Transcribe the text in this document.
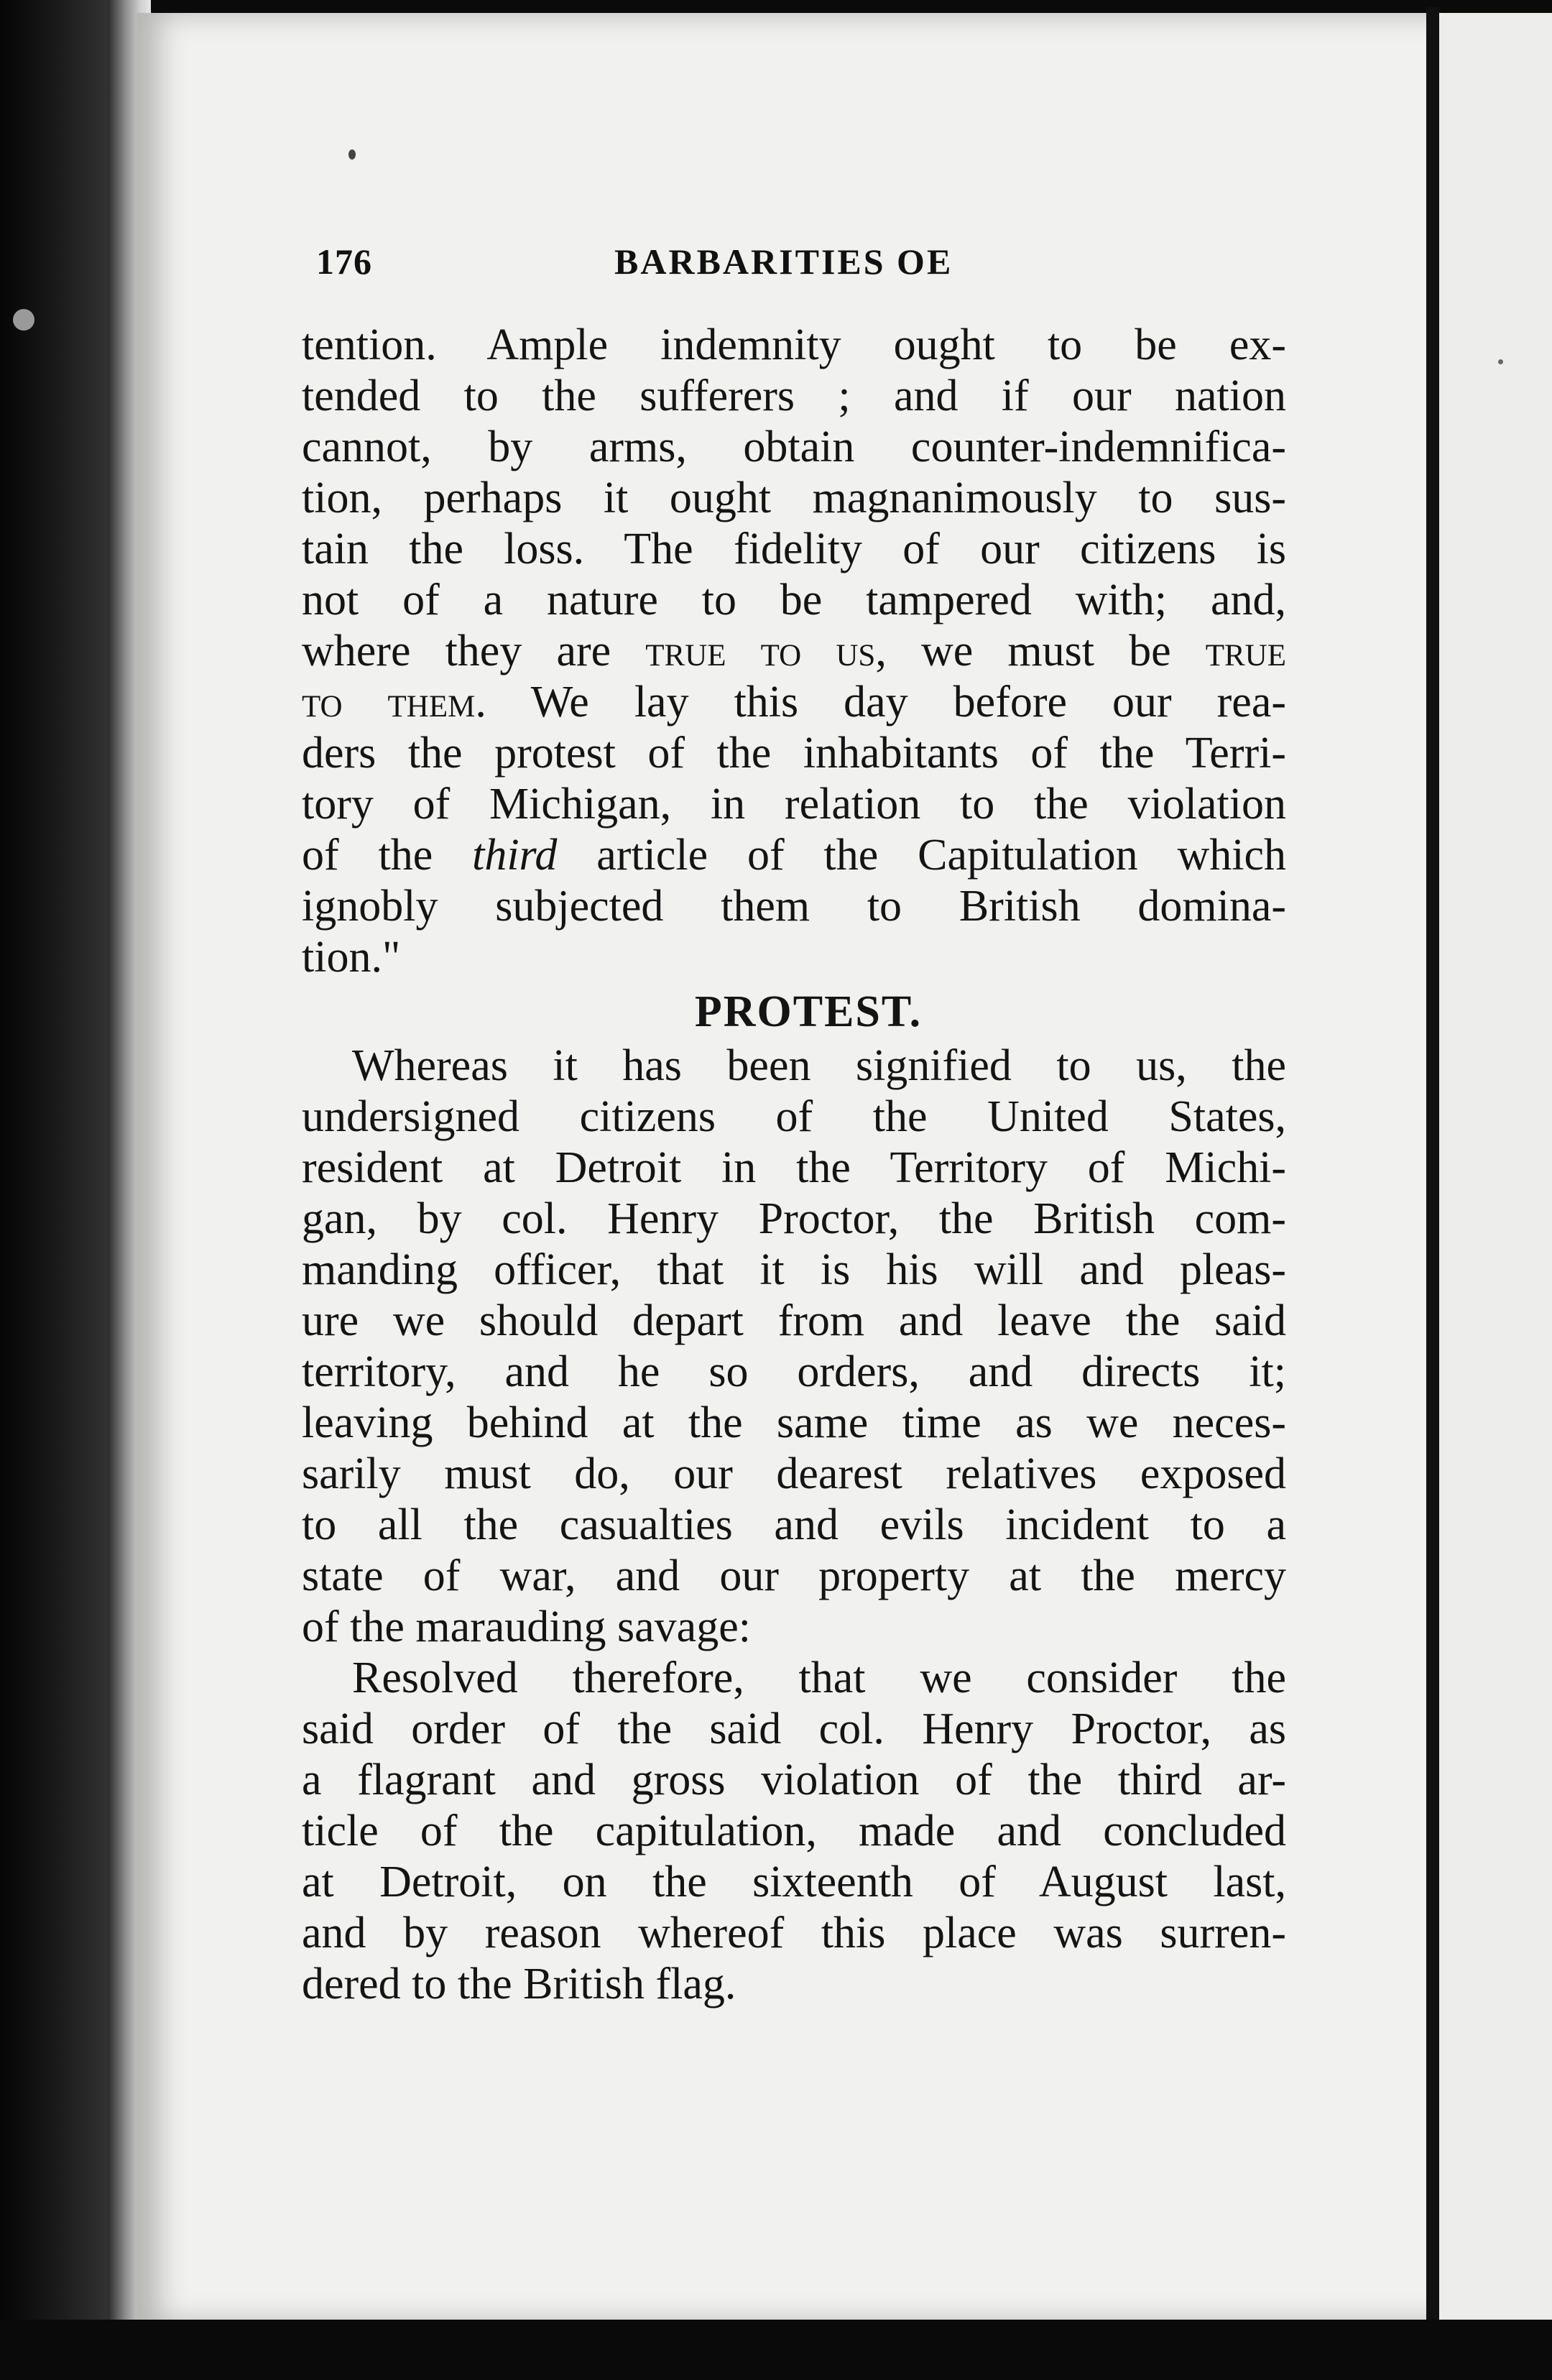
176	BARBARITIES OE
tention. Ample indemnity ought to be ex-
tended to the sufferers ; and if our nation
cannot, by arms, obtain counter-indemnifica-
tion, perhaps it ought magnanimously to sus-
tain the loss. The fidelity of our citizens is
not of a nature to be tampered with; and,
where they are true to us, we must be true
to them. We lay this day before our rea-
ders the protest of the inhabitants of the Terri-
tory of Michigan, in relation to the violation
of the third article of the Capitulation which
ignobly subjected them to British domina-
tion."
PROTEST.
Whereas it has been signified to us, the
undersigned citizens of the United States,
resident at Detroit in the Territory of Michi-
gan, by col. Henry Proctor, the British com-
manding officer, that it is his will and pleas-
ure we should depart from and leave the said
territory, and he so orders, and directs it;
leaving behind at the same time as we neces-
sarily must do, our dearest relatives exposed
to all the casualties and evils incident to a
state of war, and our property at the mercy
of the marauding savage:
Resolved therefore, that we consider the
said order of the said col. Henry Proctor, as
a flagrant and gross violation of the third ar-
ticle of the capitulation, made and concluded
at Detroit, on the sixteenth of August last,
and by reason whereof this place was surren-
dered to the British flag.
